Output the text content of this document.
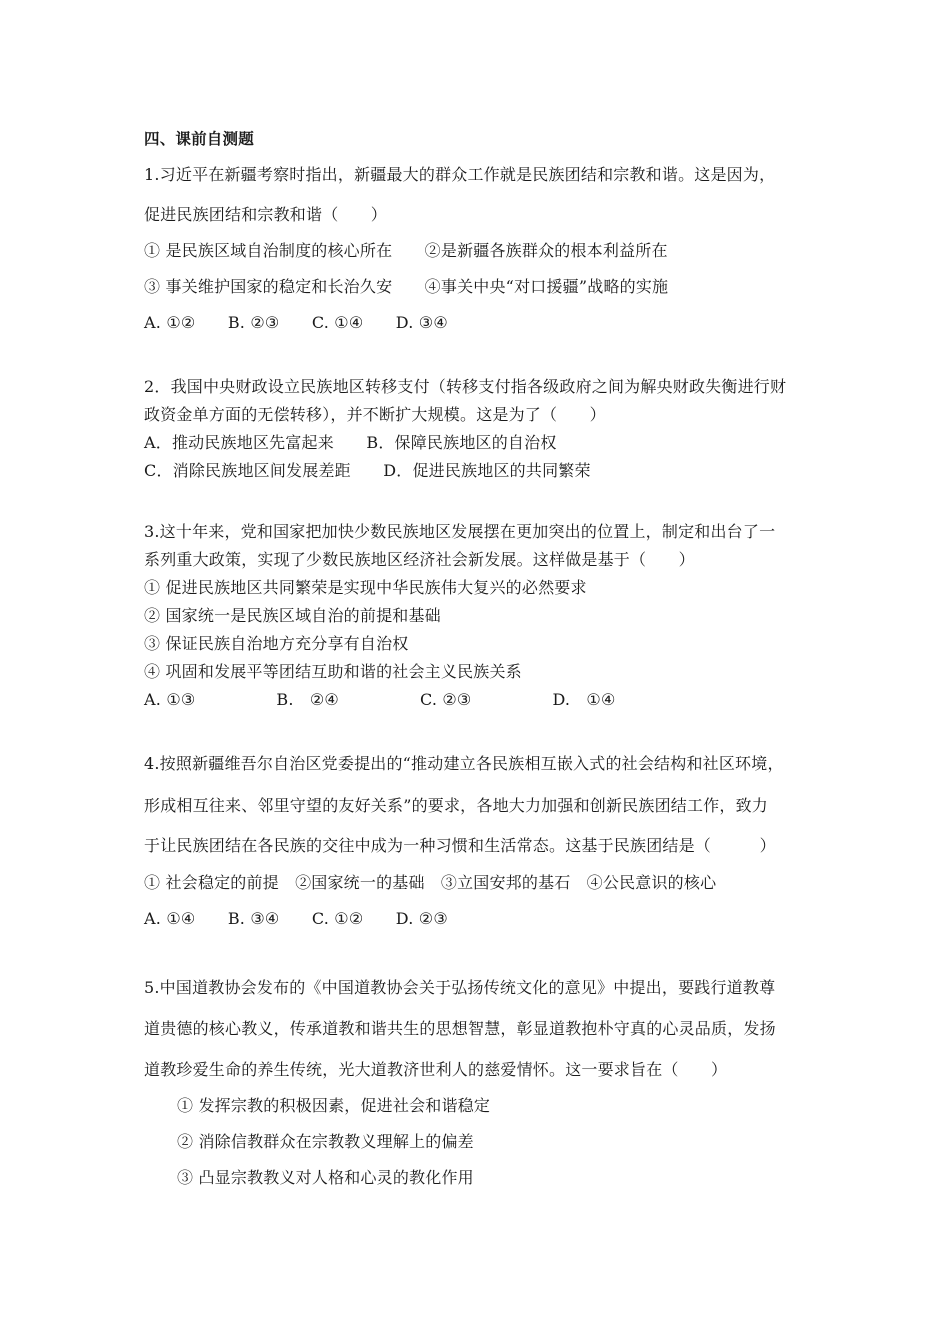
四、课前自测题
1.习近平在新疆考察时指出，新疆最大的群众工作就是民族团结和宗教和谐。这是因为，
促进民族团结和宗教和谐（　　）
① 是民族区域自治制度的核心所在　　②是新疆各族群众的根本利益所在
③ 事关维护国家的稳定和长治久安　　④事关中央“对口援疆”战略的实施
A. ①②　　B. ②③　　C. ①④　　D. ③④
2．我国中央财政设立民族地区转移支付（转移支付指各级政府之间为解央财政失衡进行财
政资金单方面的无偿转移），并不断扩大规模。这是为了（　　）
A．推动民族地区先富起来　　B．保障民族地区的自治权
C．消除民族地区间发展差距　　D．促进民族地区的共同繁荣
3.这十年来，党和国家把加快少数民族地区发展摆在更加突出的位置上，制定和出台了一
系列重大政策，实现了少数民族地区经济社会新发展。这样做是基于（　　）
① 促进民族地区共同繁荣是实现中华民族伟大复兴的必然要求
② 国家统一是民族区域自治的前提和基础
③ 保证民族自治地方充分享有自治权
④ 巩固和发展平等团结互助和谐的社会主义民族关系
A. ①③　　　　　B.　②④　　　　　C. ②③　　　　　D.　①④
4.按照新疆维吾尔自治区党委提出的“推动建立各民族相互嵌入式的社会结构和社区环境，
形成相互往来、邻里守望的友好关系”的要求，各地大力加强和创新民族团结工作，致力
于让民族团结在各民族的交往中成为一种习惯和生活常态。这基于民族团结是（　　　）
① 社会稳定的前提　②国家统一的基础　③立国安邦的基石　④公民意识的核心
A. ①④　　B. ③④　　C. ①②　　D. ②③
5.中国道教协会发布的《中国道教协会关于弘扬传统文化的意见》中提出，要践行道教尊
道贵德的核心教义，传承道教和谐共生的思想智慧，彰显道教抱朴守真的心灵品质，发扬
道教珍爱生命的养生传统，光大道教济世利人的慈爱情怀。这一要求旨在（　　）
① 发挥宗教的积极因素，促进社会和谐稳定
② 消除信教群众在宗教教义理解上的偏差
③ 凸显宗教教义对人格和心灵的教化作用
